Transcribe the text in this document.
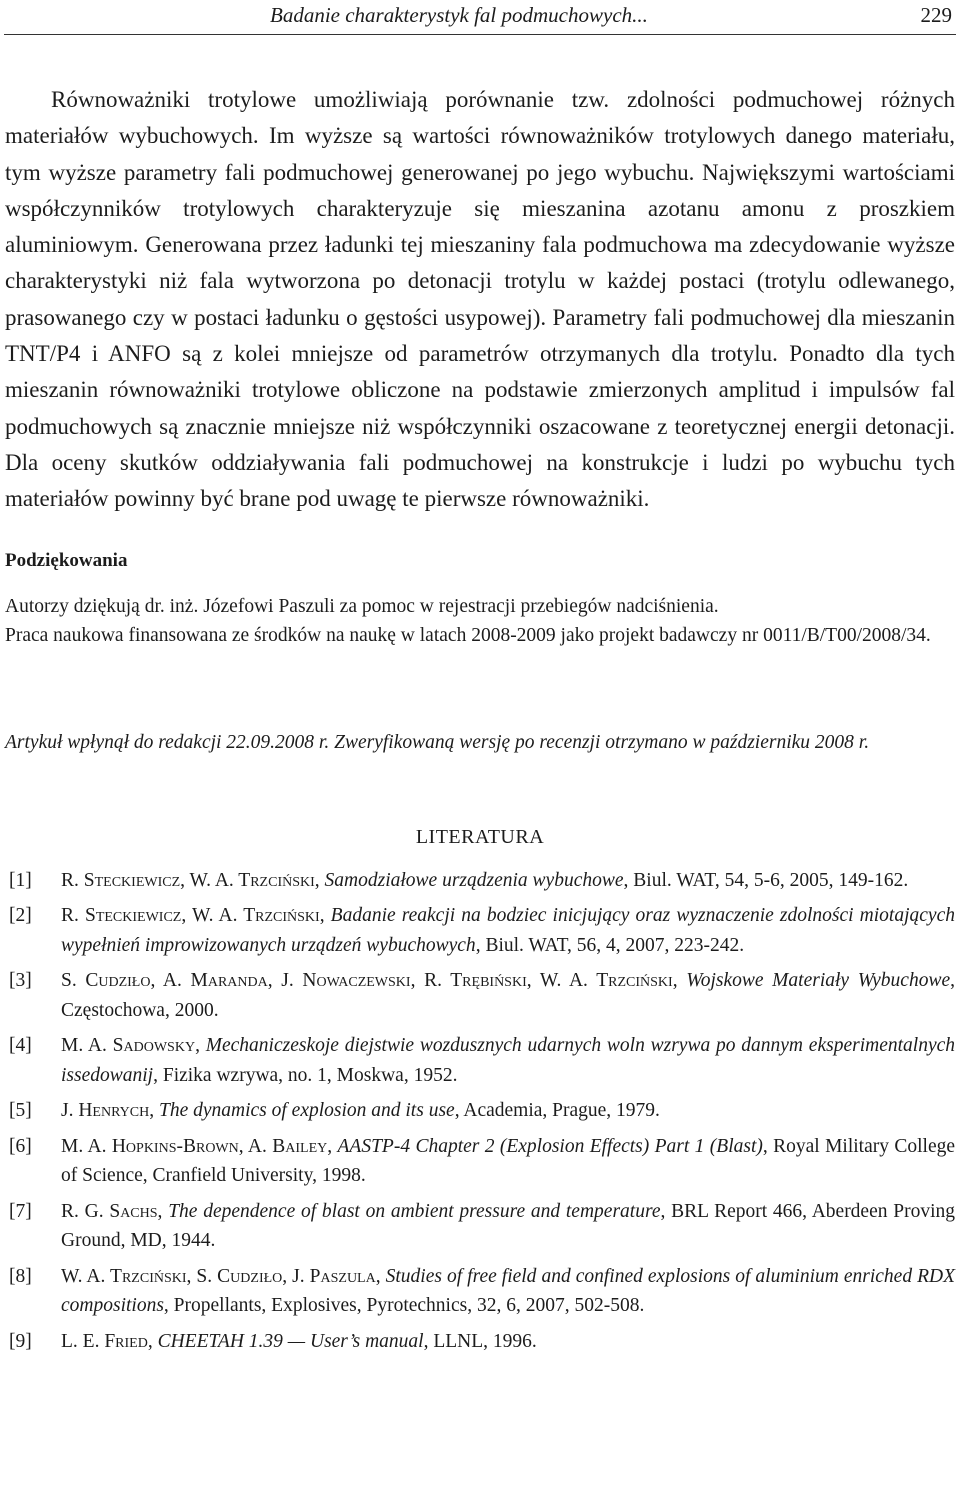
Badanie charakterystyk fal podmuchowych...	229

Równoważniki trotylowe umożliwiają porównanie tzw. zdolności podmuchowej różnych materiałów wybuchowych. Im wyższe są wartości równoważników trotylowych danego materiału, tym wyższe parametry fali podmuchowej generowanej po jego wybuchu. Największymi wartościami współczynników trotylowych charakteryzuje się mieszanina azotanu amonu z proszkiem aluminiowym. Generowana przez ładunki tej mieszaniny fala podmuchowa ma zdecydowanie wyższe charakterystyki niż fala wytworzona po detonacji trotylu w każdej postaci (trotylu odlewanego, prasowanego czy w postaci ładunku o gęstości usypowej). Parametry fali podmuchowej dla mieszanin TNT/P4 i ANFO są z kolei mniejsze od parametrów otrzymanych dla trotylu. Ponadto dla tych mieszanin równoważniki trotylowe obliczone na podstawie zmierzonych amplitud i impulsów fal podmuchowych są znacznie mniejsze niż współczynniki oszacowane z teoretycznej energii detonacji. Dla oceny skutków oddziaływania fali podmuchowej na konstrukcje i ludzi po wybuchu tych materiałów powinny być brane pod uwagę te pierwsze równoważniki.

Podziękowania

Autorzy dziękują dr. inż. Józefowi Paszuli za pomoc w rejestracji przebiegów nadciśnienia.

Praca naukowa finansowana ze środków na naukę w latach 2008-2009 jako projekt badawczy nr 0011/B/T00/2008/34.

Artykuł wpłynął do redakcji 22.09.2008 r. Zweryfikowaną wersję po recenzji otrzymano w październiku 2008 r.

LITERATURA
[1]	R. Steckiewicz, W. A. Trzciński, Samodziałowe urządzenia wybuchowe, Biul. WAT, 54, 5-6, 2005, 149-162.
[2]	R. Steckiewicz, W. A. Trzciński, Badanie reakcji na bodziec inicjujący oraz wyznaczenie zdolności miotających wypełnień improwizowanych urządzeń wybuchowych, Biul. WAT, 56, 4, 2007, 223-242.
[3]	S. Cudziło, A. Maranda, J. Nowaczewski, R. Trębiński, W. A. Trzciński, Wojskowe Materiały Wybuchowe, Częstochowa, 2000.
[4]	M. A. Sadowsky, Mechaniczeskoje diejstwie wozdusznych udarnych woln wzrywa po dannym eksperimentalnych issedowanij, Fizika wzrywa, no. 1, Moskwa, 1952.
[5]	J. Henrych, The dynamics of explosion and its use, Academia, Prague, 1979.
[6]	M. A. Hopkins-Brown, A. Bailey, AASTP-4 Chapter 2 (Explosion Effects) Part 1 (Blast), Royal Military College of Science, Cranfield University, 1998.
[7]	R. G. Sachs, The dependence of blast on ambient pressure and temperature, BRL Report 466, Aberdeen Proving Ground, MD, 1944.
[8]	W. A. Trzciński, S. Cudziło, J. Paszula, Studies of free field and confined explosions of aluminium enriched RDX compositions, Propellants, Explosives, Pyrotechnics, 32, 6, 2007, 502-508.
[9]	L. E. Fried, CHEETAH 1.39 — User’s manual, LLNL, 1996.
